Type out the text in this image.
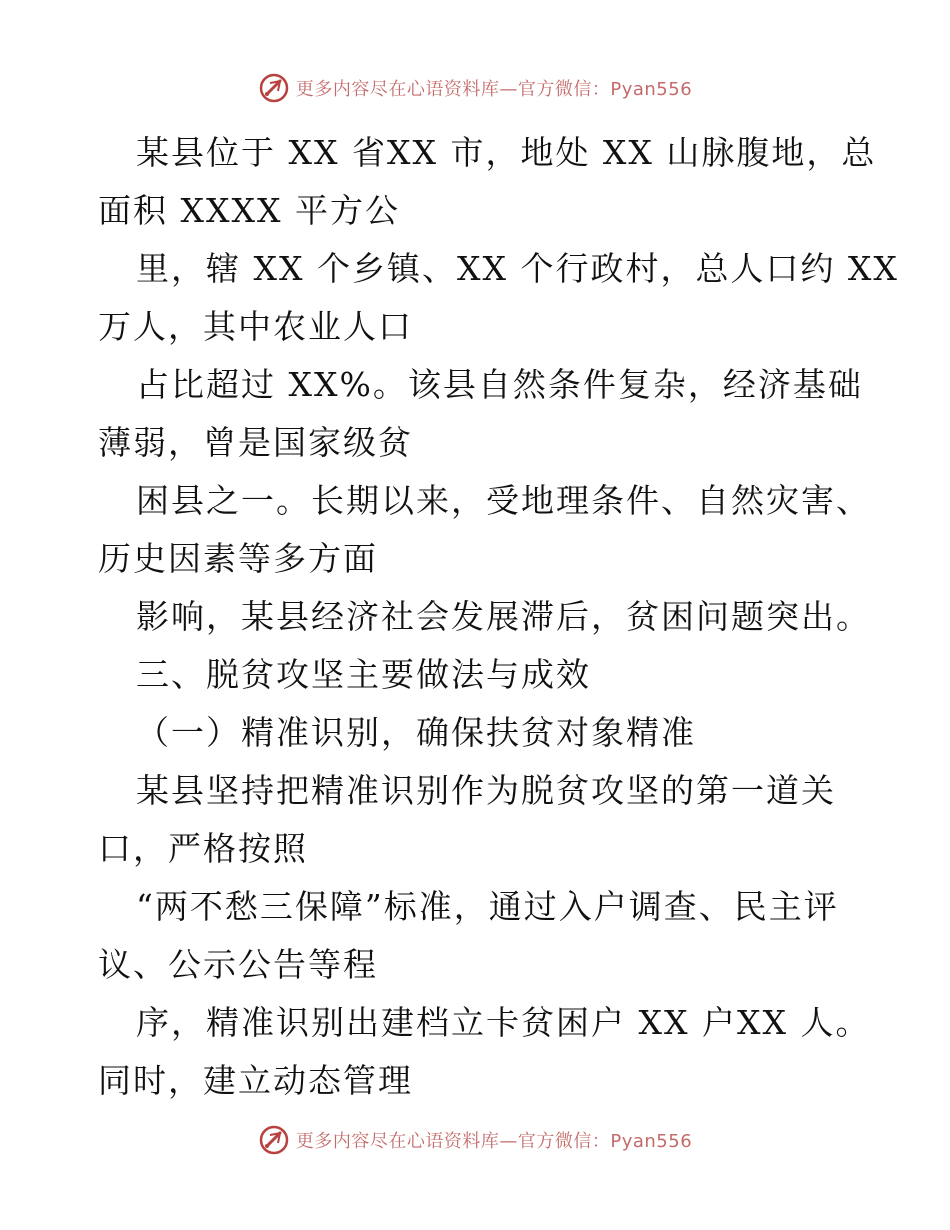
更多内容尽在心语资料库—官方微信：Pyan556
某县位于 XX 省XX 市，地处 XX 山脉腹地，总
面积 XXXX 平方公
里，辖 XX 个乡镇、XX 个行政村，总人口约 XX
万人，其中农业人口
占比超过 XX%。该县自然条件复杂，经济基础
薄弱，曾是国家级贫
困县之一。长期以来，受地理条件、自然灾害、
历史因素等多方面
影响，某县经济社会发展滞后，贫困问题突出。
三、脱贫攻坚主要做法与成效
（一）精准识别，确保扶贫对象精准
某县坚持把精准识别作为脱贫攻坚的第一道关
口，严格按照
“两不愁三保障”标准，通过入户调查、民主评
议、公示公告等程
序，精准识别出建档立卡贫困户 XX 户XX 人。
同时，建立动态管理
更多内容尽在心语资料库—官方微信：Pyan556
